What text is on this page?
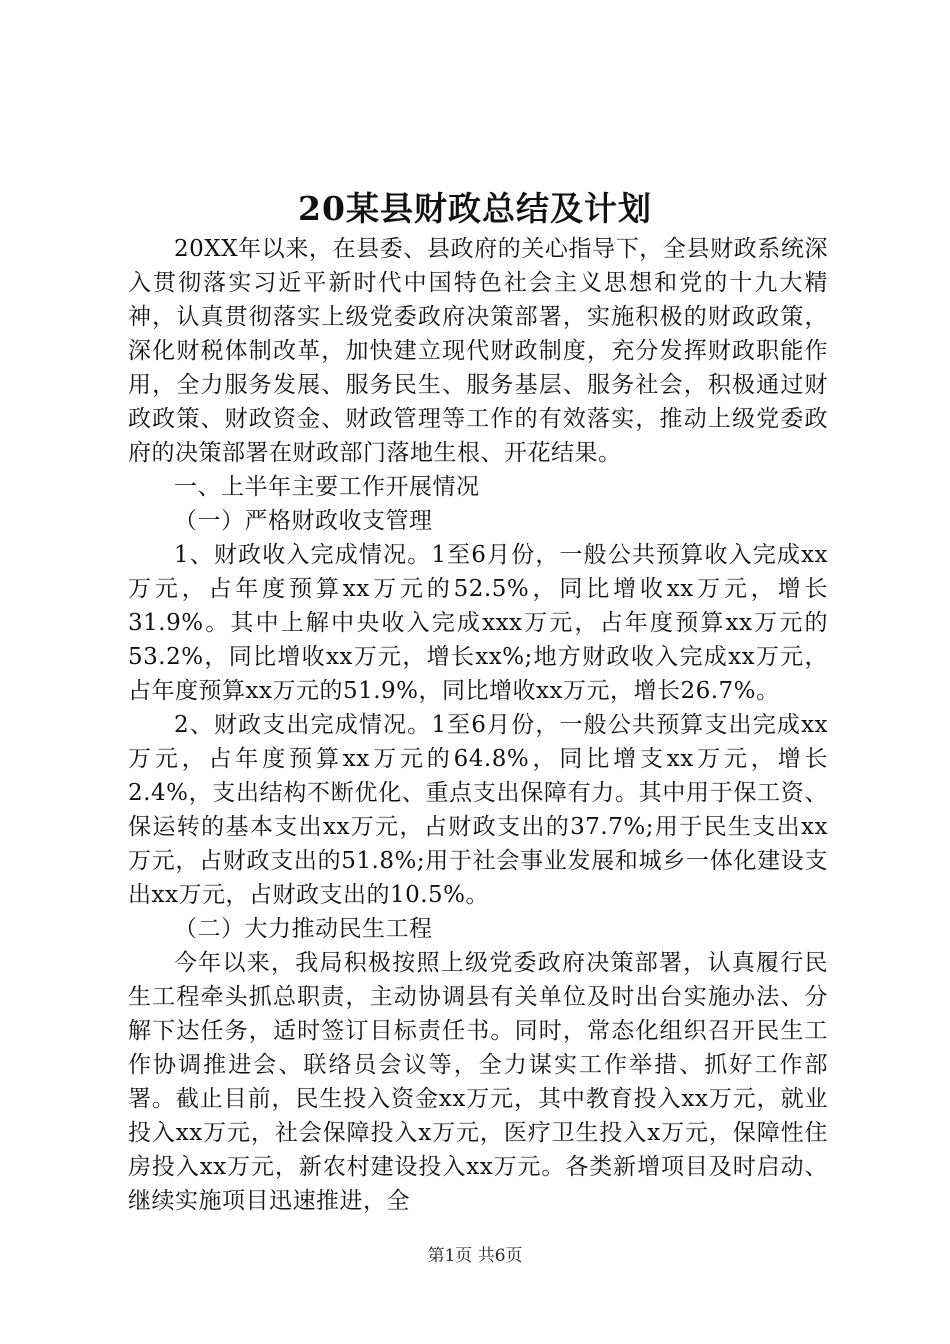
20某县财政总结及计划

20XX年以来，在县委、县政府的关心指导下，全县财政系统深入贯彻落实习近平新时代中国特色社会主义思想和党的十九大精神，认真贯彻落实上级党委政府决策部署，实施积极的财政政策，深化财税体制改革，加快建立现代财政制度，充分发挥财政职能作用，全力服务发展、服务民生、服务基层、服务社会，积极通过财政政策、财政资金、财政管理等工作的有效落实，推动上级党委政府的决策部署在财政部门落地生根、开花结果。

一、上半年主要工作开展情况

（一）严格财政收支管理

1、财政收入完成情况。1至6月份，一般公共预算收入完成xx万元，占年度预算xx万元的52.5%，同比增收xx万元，增长31.9%。其中上解中央收入完成xxx万元，占年度预算xx万元的53.2%，同比增收xx万元，增长xx%;地方财政收入完成xx万元，占年度预算xx万元的51.9%，同比增收xx万元，增长26.7%。

2、财政支出完成情况。1至6月份，一般公共预算支出完成xx万元，占年度预算xx万元的64.8%，同比增支xx万元，增长2.4%，支出结构不断优化、重点支出保障有力。其中用于保工资、保运转的基本支出xx万元，占财政支出的37.7%;用于民生支出xx万元，占财政支出的51.8%;用于社会事业发展和城乡一体化建设支出xx万元，占财政支出的10.5%。

（二）大力推动民生工程

今年以来，我局积极按照上级党委政府决策部署，认真履行民生工程牵头抓总职责，主动协调县有关单位及时出台实施办法、分解下达任务，适时签订目标责任书。同时，常态化组织召开民生工作协调推进会、联络员会议等，全力谋实工作举措、抓好工作部署。截止目前，民生投入资金xx万元，其中教育投入xx万元，就业投入xx万元，社会保障投入x万元，医疗卫生投入x万元，保障性住房投入xx万元，新农村建设投入xx万元。各类新增项目及时启动、继续实施项目迅速推进，全

第1页 共6页
